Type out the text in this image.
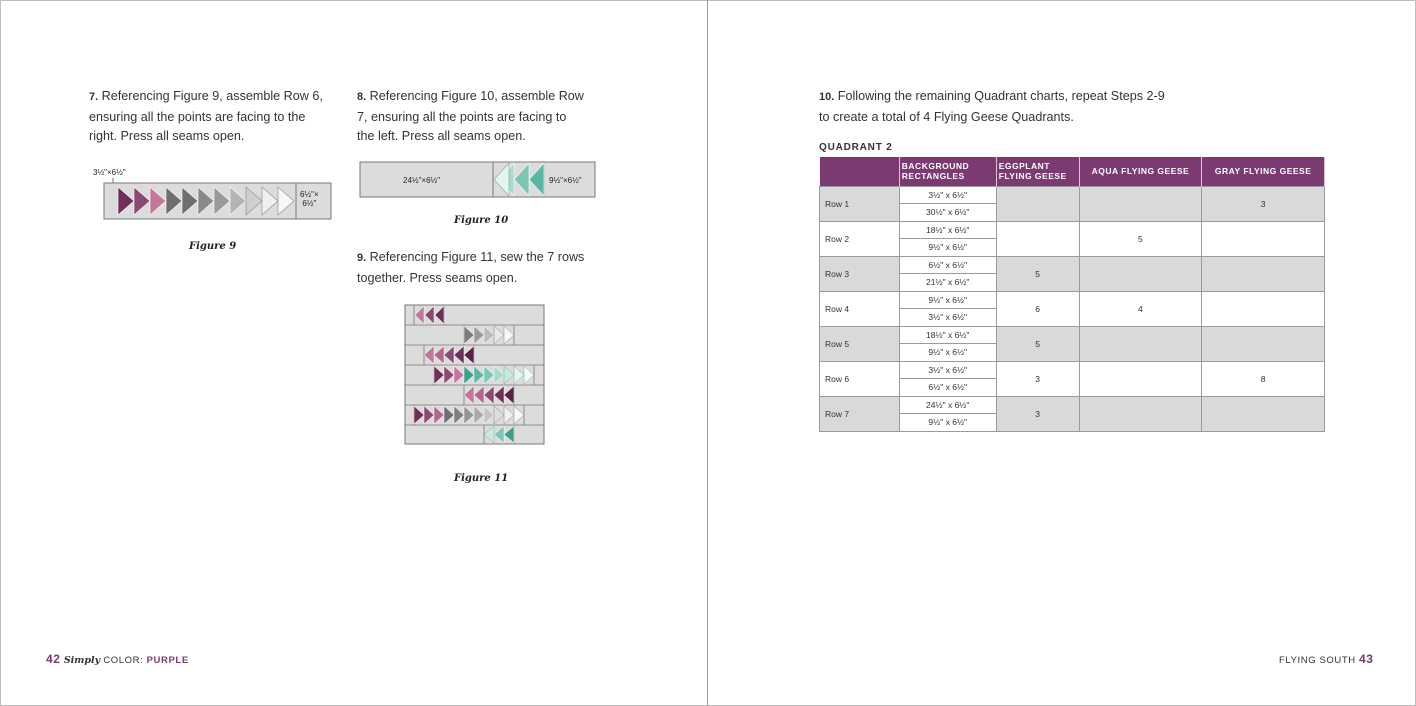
7. Referencing Figure 9, assemble Row 6,
ensuring all the points are facing to the
right. Press all seams open.
8. Referencing Figure 10, assemble Row
7, ensuring all the points are facing to
the left. Press all seams open.
3½"×6½"
6½"×
6½"
Figure 9
24½"×6½"	9½"×6½"
Figure 10
9. Referencing Figure 11, sew the 7 rows
together. Press seams open.
Figure 11
42 Simply COLOR: PURPLE
10. Following the remaining Quadrant charts, repeat Steps 2-9
to create a total of 4 Flying Geese Quadrants.
QUADRANT 2
	BACKGROUND
RECTANGLES	EGGPLANT
FLYING GEESE	AQUA FLYING GEESE	GRAY FLYING GEESE
Row 1	3½" x 6½"			3
	30½" x 6½"			
Row 2	18½" x 6½"		5	
	9½" x 6½"			
Row 3	6½" x 6½"	5		
	21½" x 6½"			
Row 4	9½" x 6½"	6	4	
	3½" x 6½"			
Row 5	18½" x 6½"	5		
	9½" x 6½"			
Row 6	3½" x 6½"	3		8
	6½" x 6½"			
Row 7	24½" x 6½"	3		
	9½" x 6½"			
FLYING SOUTH 43
